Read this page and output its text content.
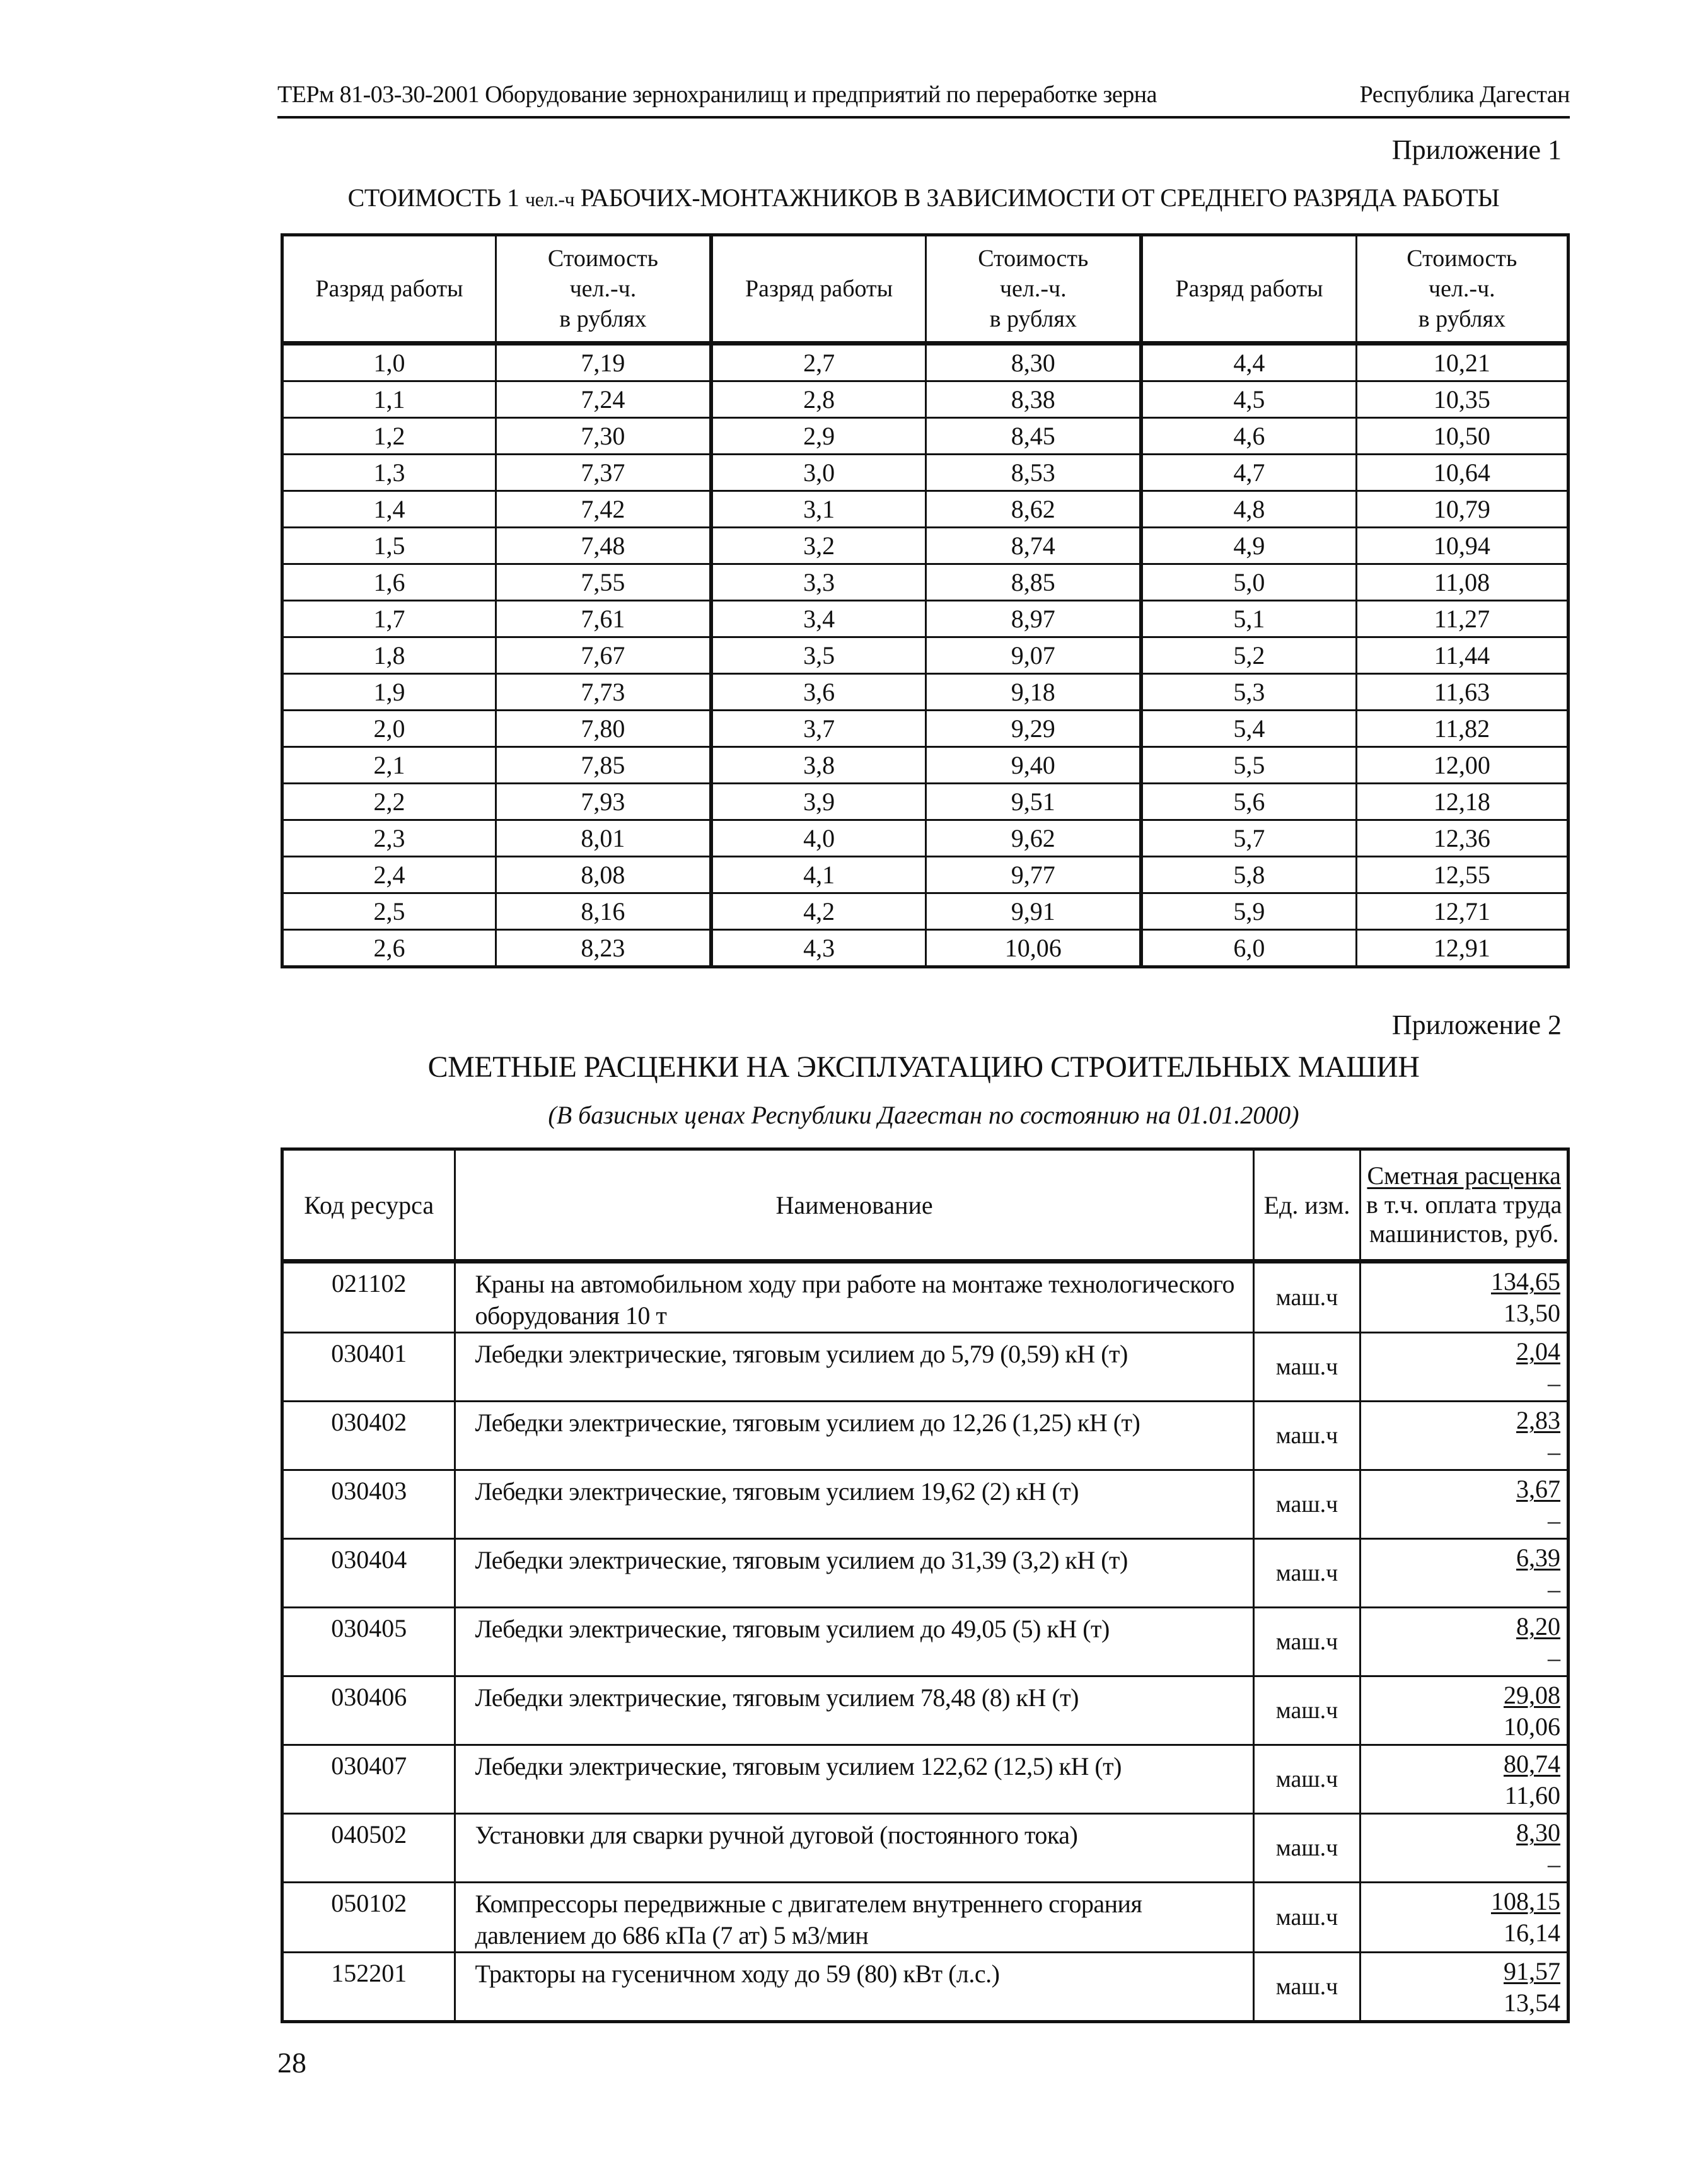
ТЕРм 81-03-30-2001 Оборудование зернохранилищ и предприятий по переработке зерна	Республика Дагестан
Приложение 1
СТОИМОСТЬ 1 чел.-ч РАБОЧИХ-МОНТАЖНИКОВ В ЗАВИСИМОСТИ ОТ СРЕДНЕГО РАЗРЯДА РАБОТЫ
Разряд работы	Стоимость
чел.-ч.
в рублях	Разряд работы	Стоимость
чел.-ч.
в рублях	Разряд работы	Стоимость
чел.-ч.
в рублях
1,0	7,19	2,7	8,30	4,4	10,21
1,1	7,24	2,8	8,38	4,5	10,35
1,2	7,30	2,9	8,45	4,6	10,50
1,3	7,37	3,0	8,53	4,7	10,64
1,4	7,42	3,1	8,62	4,8	10,79
1,5	7,48	3,2	8,74	4,9	10,94
1,6	7,55	3,3	8,85	5,0	11,08
1,7	7,61	3,4	8,97	5,1	11,27
1,8	7,67	3,5	9,07	5,2	11,44
1,9	7,73	3,6	9,18	5,3	11,63
2,0	7,80	3,7	9,29	5,4	11,82
2,1	7,85	3,8	9,40	5,5	12,00
2,2	7,93	3,9	9,51	5,6	12,18
2,3	8,01	4,0	9,62	5,7	12,36
2,4	8,08	4,1	9,77	5,8	12,55
2,5	8,16	4,2	9,91	5,9	12,71
2,6	8,23	4,3	10,06	6,0	12,91
Приложение 2
СМЕТНЫЕ РАСЦЕНКИ НА ЭКСПЛУАТАЦИЮ СТРОИТЕЛЬНЫХ МАШИН
(В базисных ценах Республики Дагестан по состоянию на 01.01.2000)
Код ресурса	Наименование	Ед. изм.	Сметная расценка
в т.ч. оплата труда машинистов, руб.
021102	Краны на автомобильном ходу при работе на монтаже технологического оборудования 10 т	маш.ч	134,65
13,50

030401	Лебедки электрические, тяговым усилием до 5,79 (0,59) кН (т)	маш.ч	2,04
–

030402	Лебедки электрические, тяговым усилием до 12,26 (1,25) кН (т)	маш.ч	2,83
–

030403	Лебедки электрические, тяговым усилием 19,62 (2) кН (т)	маш.ч	3,67
–

030404	Лебедки электрические, тяговым усилием до 31,39 (3,2) кН (т)	маш.ч	6,39
–

030405	Лебедки электрические, тяговым усилием до 49,05 (5) кН (т)	маш.ч	8,20
–

030406	Лебедки электрические, тяговым усилием 78,48 (8) кН (т)	маш.ч	29,08
10,06

030407	Лебедки электрические, тяговым усилием 122,62 (12,5) кН (т)	маш.ч	80,74
11,60

040502	Установки для сварки ручной дуговой (постоянного тока)	маш.ч	8,30
–

050102	Компрессоры передвижные с двигателем внутреннего сгорания давлением до 686 кПа (7 ат) 5 м3/мин	маш.ч	108,15
16,14

152201	Тракторы на гусеничном ходу до 59 (80) кВт (л.с.)	маш.ч	91,57
13,54
28
